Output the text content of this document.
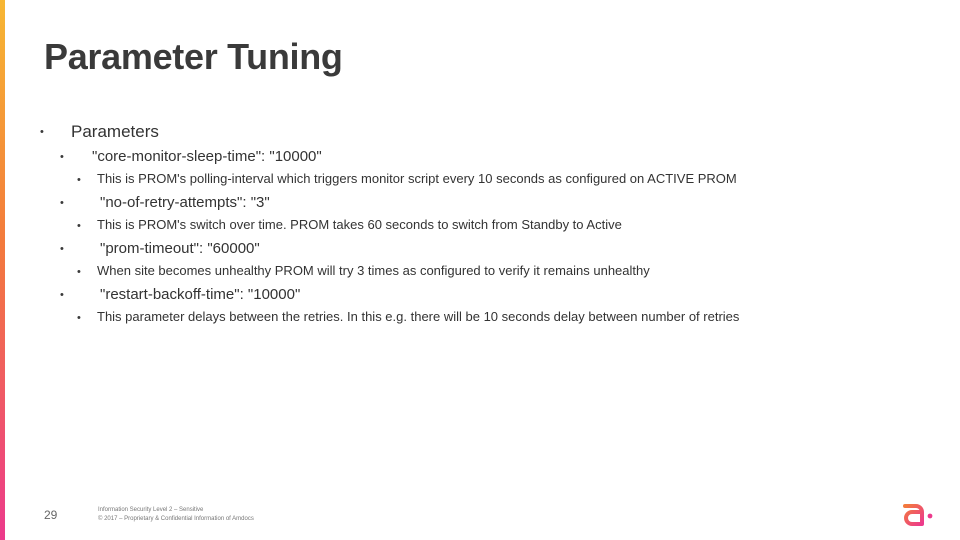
Parameter Tuning
• Parameters
• "core-monitor-sleep-time": "10000"
• This is PROM's polling-interval which triggers monitor script every 10 seconds as configured on ACTIVE PROM
• "no-of-retry-attempts": "3"
• This is PROM's switch over time. PROM takes 60 seconds to switch from Standby to Active
• "prom-timeout": "60000"
• When site becomes unhealthy PROM will try 3 times as configured to verify it remains unhealthy
• "restart-backoff-time": "10000"
• This parameter delays between the retries. In this e.g. there will be 10 seconds delay between number of retries
29	Information Security Level 2 – Sensitive
© 2017 – Proprietary & Confidential Information of Amdocs
